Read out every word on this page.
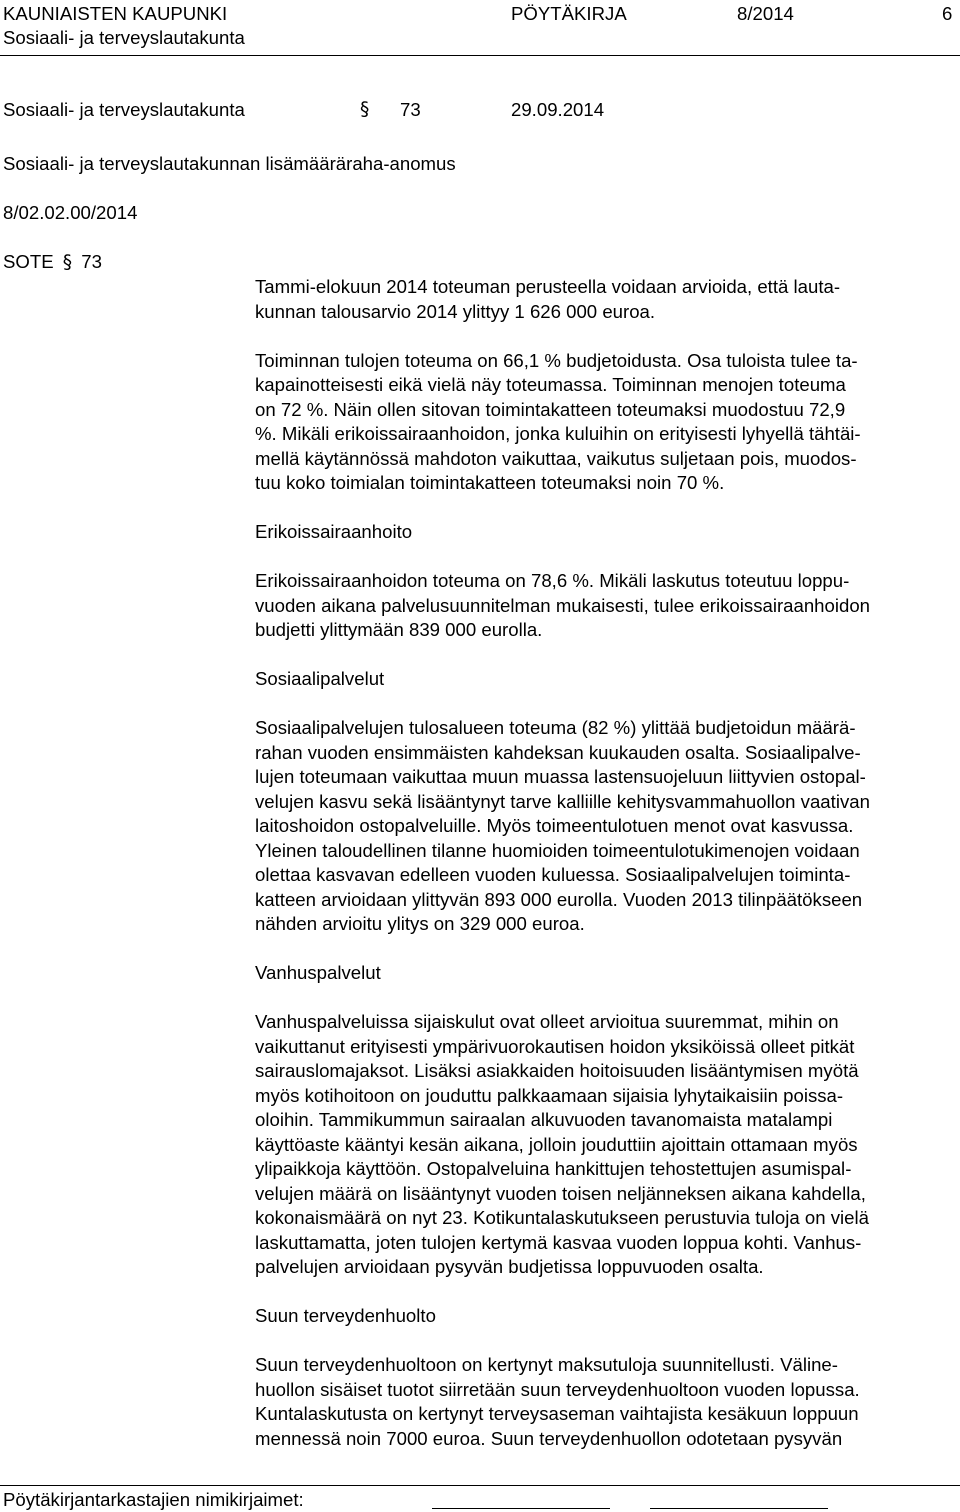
KAUNIAISTEN KAUPUNKI	PÖYTÄKIRJA	8/2014	6
Sosiaali- ja terveyslautakunta
Sosiaali- ja terveyslautakunta	§ 73	29.09.2014
Sosiaali- ja terveyslautakunnan lisämääräraha-anomus
8/02.02.00/2014
SOTE § 73
Tammi-elokuun 2014 toteuman perusteella voidaan arvioida, että lauta-
kunnan talousarvio 2014 ylittyy 1 626 000 euroa.

Toiminnan tulojen toteuma on 66,1 % budjetoidusta. Osa tuloista tulee ta-
kapainotteisesti eikä vielä näy toteumassa. Toiminnan menojen toteuma
on 72 %. Näin ollen sitovan toimintakatteen toteumaksi muodostuu 72,9
%. Mikäli erikoissairaanhoidon, jonka kuluihin on erityisesti lyhyellä tähtäi-
mellä käytännössä mahdoton vaikuttaa, vaikutus suljetaan pois, muodos-
tuu koko toimialan toimintakatteen toteumaksi noin 70 %.

Erikoissairaanhoito

Erikoissairaanhoidon toteuma on 78,6 %. Mikäli laskutus toteutuu loppu-
vuoden aikana palvelusuunnitelman mukaisesti, tulee erikoissairaanhoidon
budjetti ylittymään 839 000 eurolla.

Sosiaalipalvelut

Sosiaalipalvelujen tulosalueen toteuma (82 %) ylittää budjetoidun määrä-
rahan vuoden ensimmäisten kahdeksan kuukauden osalta. Sosiaalipalve-
lujen toteumaan vaikuttaa muun muassa lastensuojeluun liittyvien ostopal-
velujen kasvu sekä lisääntynyt tarve kalliille kehitysvammahuollon vaativan
laitoshoidon ostopalveluille. Myös toimeentulotuen menot ovat kasvussa.
Yleinen taloudellinen tilanne huomioiden toimeentulotukimenojen voidaan
olettaa kasvavan edelleen vuoden kuluessa. Sosiaalipalvelujen toiminta-
katteen arvioidaan ylittyvän 893 000 eurolla. Vuoden 2013 tilinpäätökseen
nähden arvioitu ylitys on 329 000 euroa.

Vanhuspalvelut

Vanhuspalveluissa sijaiskulut ovat olleet arvioitua suuremmat, mihin on
vaikuttanut erityisesti ympärivuorokautisen hoidon yksiköissä olleet pitkät
sairauslomajaksot. Lisäksi asiakkaiden hoitoisuuden lisääntymisen myötä
myös kotihoitoon on jouduttu palkkaamaan sijaisia lyhytaikaisiin poissa-
oloihin. Tammikummun sairaalan alkuvuoden tavanomaista matalampi
käyttöaste kääntyi kesän aikana, jolloin jouduttiin ajoittain ottamaan myös
ylipaikkoja käyttöön. Ostopalveluina hankittujen tehostettujen asumispal-
velujen määrä on lisääntynyt vuoden toisen neljänneksen aikana kahdella,
kokonaismäärä on nyt 23. Kotikuntalaskutukseen perustuvia tuloja on vielä
laskuttamatta, joten tulojen kertymä kasvaa vuoden loppua kohti. Vanhus-
palvelujen arvioidaan pysyvän budjetissa loppuvuoden osalta.

Suun terveydenhuolto

Suun terveydenhuoltoon on kertynyt maksutuloja suunnitellusti. Väline-
huollon sisäiset tuotot siirretään suun terveydenhuoltoon vuoden lopussa.
Kuntalaskutusta on kertynyt terveysaseman vaihtajista kesäkuun loppuun
mennessä noin 7000 euroa. Suun terveydenhuollon odotetaan pysyvän
Pöytäkirjantarkastajien nimikirjaimet:
